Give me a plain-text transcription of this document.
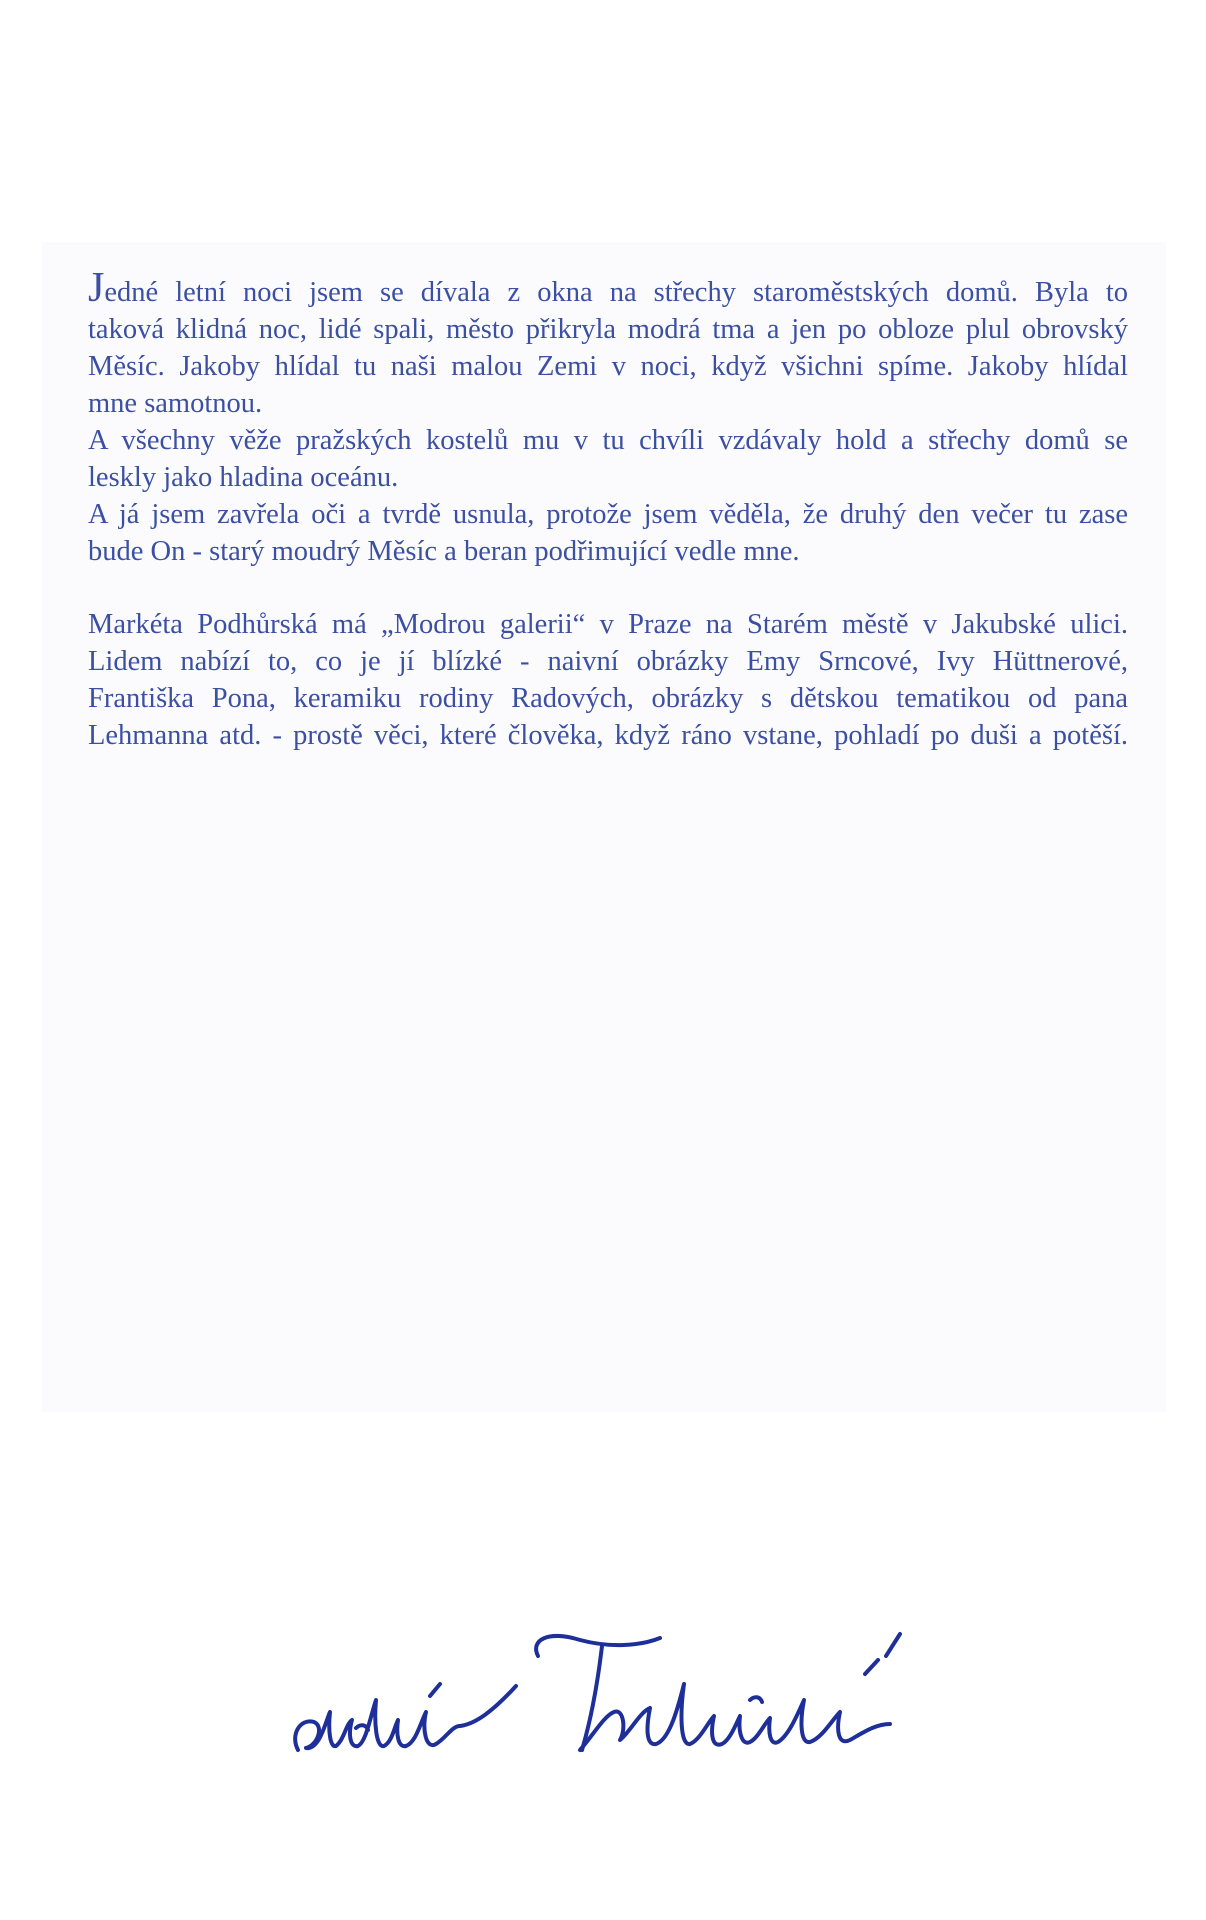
Jedné letní noci jsem se dívala z okna na střechy staroměstských domů. Byla to
taková klidná noc, lidé spali, město přikryla modrá tma a jen po obloze plul obrovský
Měsíc. Jakoby hlídal tu naši malou Zemi v noci, když všichni spíme. Jakoby hlídal
mne samotnou.

A všechny věže pražských kostelů mu v tu chvíli vzdávaly hold a střechy domů se
leskly jako hladina oceánu.

A já jsem zavřela oči a tvrdě usnula, protože jsem věděla, že druhý den večer tu zase
bude On - starý moudrý Měsíc a beran podřimující vedle mne.

Markéta Podhůrská má „Modrou galerii“ v Praze na Starém městě v Jakubské ulici.
Lidem nabízí to, co je jí blízké - naivní obrázky Emy Srncové, Ivy Hüttnerové,
Františka Pona, keramiku rodiny Radových, obrázky s dětskou tematikou od pana
Lehmanna atd. - prostě věci, které člověka, když ráno vstane, pohladí po duši a potěší.
